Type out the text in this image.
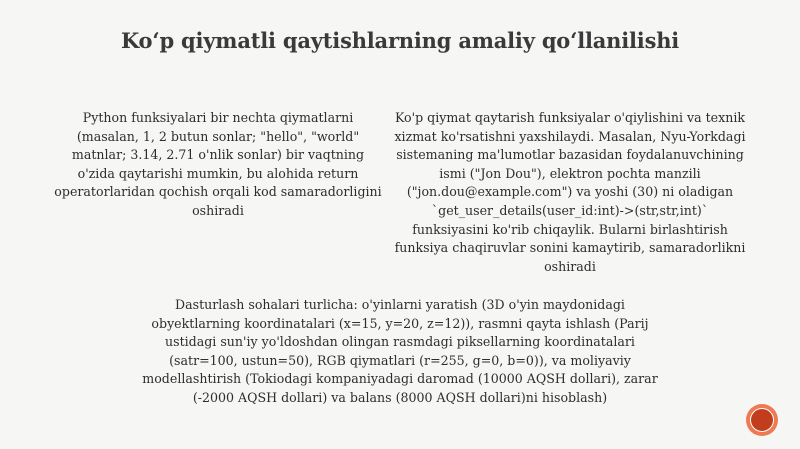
Ko‘p qiymatli qaytishlarning amaliy qo‘llanilishi

Python funksiyalari bir nechta qiymatlarni (masalan, 1, 2 butun sonlar; "hello", "world" matnlar; 3.14, 2.71 o'nlik sonlar) bir vaqtning o'zida qaytarishi mumkin, bu alohida return operatorlaridan qochish orqali kod samaradorligini oshiradi

Ko'p qiymat qaytarish funksiyalar o'qiylishini va texnik xizmat ko'rsatishni yaxshilaydi. Masalan, Nyu-Yorkdagi sistemaning ma'lumotlar bazasidan foydalanuvchining ismi ("Jon Dou"), elektron pochta manzili ("jon.dou@example.com") va yoshi (30) ni oladigan `get_user_details(user_id:int)->(str,str,int)` funksiyasini ko'rib chiqaylik. Bularni birlashtirish funksiya chaqiruvlar sonini kamaytirib, samaradorlikni oshiradi

Dasturlash sohalari turlicha: o'yinlarni yaratish (3D o'yin maydonidagi obyektlarning koordinatalari (x=15, y=20, z=12)), rasmni qayta ishlash (Parij ustidagi sun'iy yo'ldoshdan olingan rasmdagi piksellarning koordinatalari (satr=100, ustun=50), RGB qiymatlari (r=255, g=0, b=0)), va moliyaviy modellashtirish (Tokiodagi kompaniyadagi daromad (10000 AQSH dollari), zarar (-2000 AQSH dollari) va balans (8000 AQSH dollari)ni hisoblash)
